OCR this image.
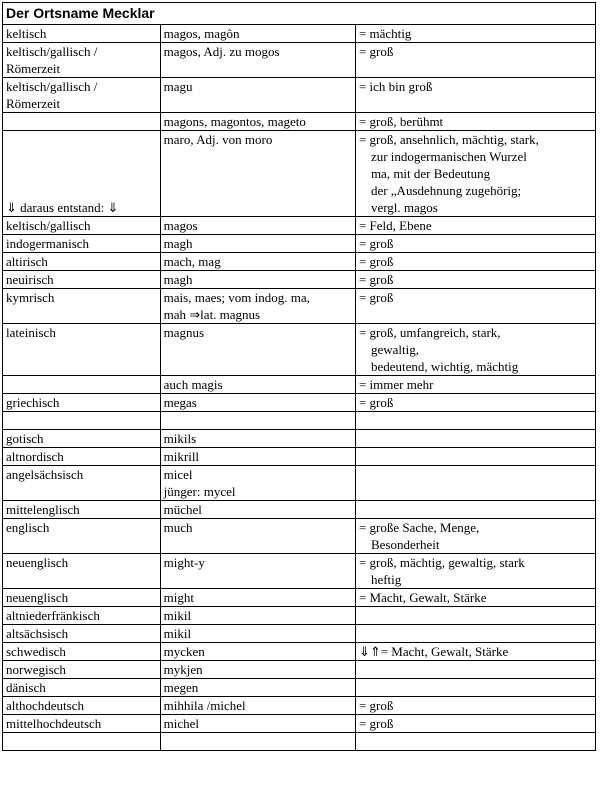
Der Ortsname Mecklar
keltisch	magos, magôn	= mächtig

keltisch/gallisch /
Römerzeit	magos, Adj. zu mogos	= groß

keltisch/gallisch /
Römerzeit	magu	= ich bin groß

	magons, magontos, mageto	= groß, berühmt

⇓ daraus entstand: ⇓	maro, Adj. von moro	= groß, ansehnlich, mächtig, stark,
zur indogermanischen Wurzel
ma, mit der Bedeutung
der „Ausdehnung zugehörig;
vergl. magos

keltisch/gallisch	magos	= Feld, Ebene

indogermanisch	magh	= groß

altirisch	mach, mag	= groß

neuirisch	magh	= groß

kymrisch	mais, maes; vom indog. ma,
mah ⇒lat. magnus	= groß

lateinisch	magnus	= groß, umfangreich, stark,
gewaltig,
bedeutend, wichtig, mächtig

	auch magis	= immer mehr

griechisch	megas	= groß

gotisch	mikils	

altnordisch	mikrill	

angelsächsisch	micel
jünger: mycel	

mittelenglisch	müchel	

englisch	much	= große Sache, Menge,
Besonderheit

neuenglisch	might-y	= groß, mächtig, gewaltig, stark
heftig

neuenglisch	might	= Macht, Gewalt, Stärke

altniederfränkisch	mikil	

altsächsisch	mikil	

schwedisch	mycken	⇓⇑= Macht, Gewalt, Stärke

norwegisch	mykjen	

dänisch	megen	

althochdeutsch	mihhila /michel	= groß

mittelhochdeutsch	michel	= groß
